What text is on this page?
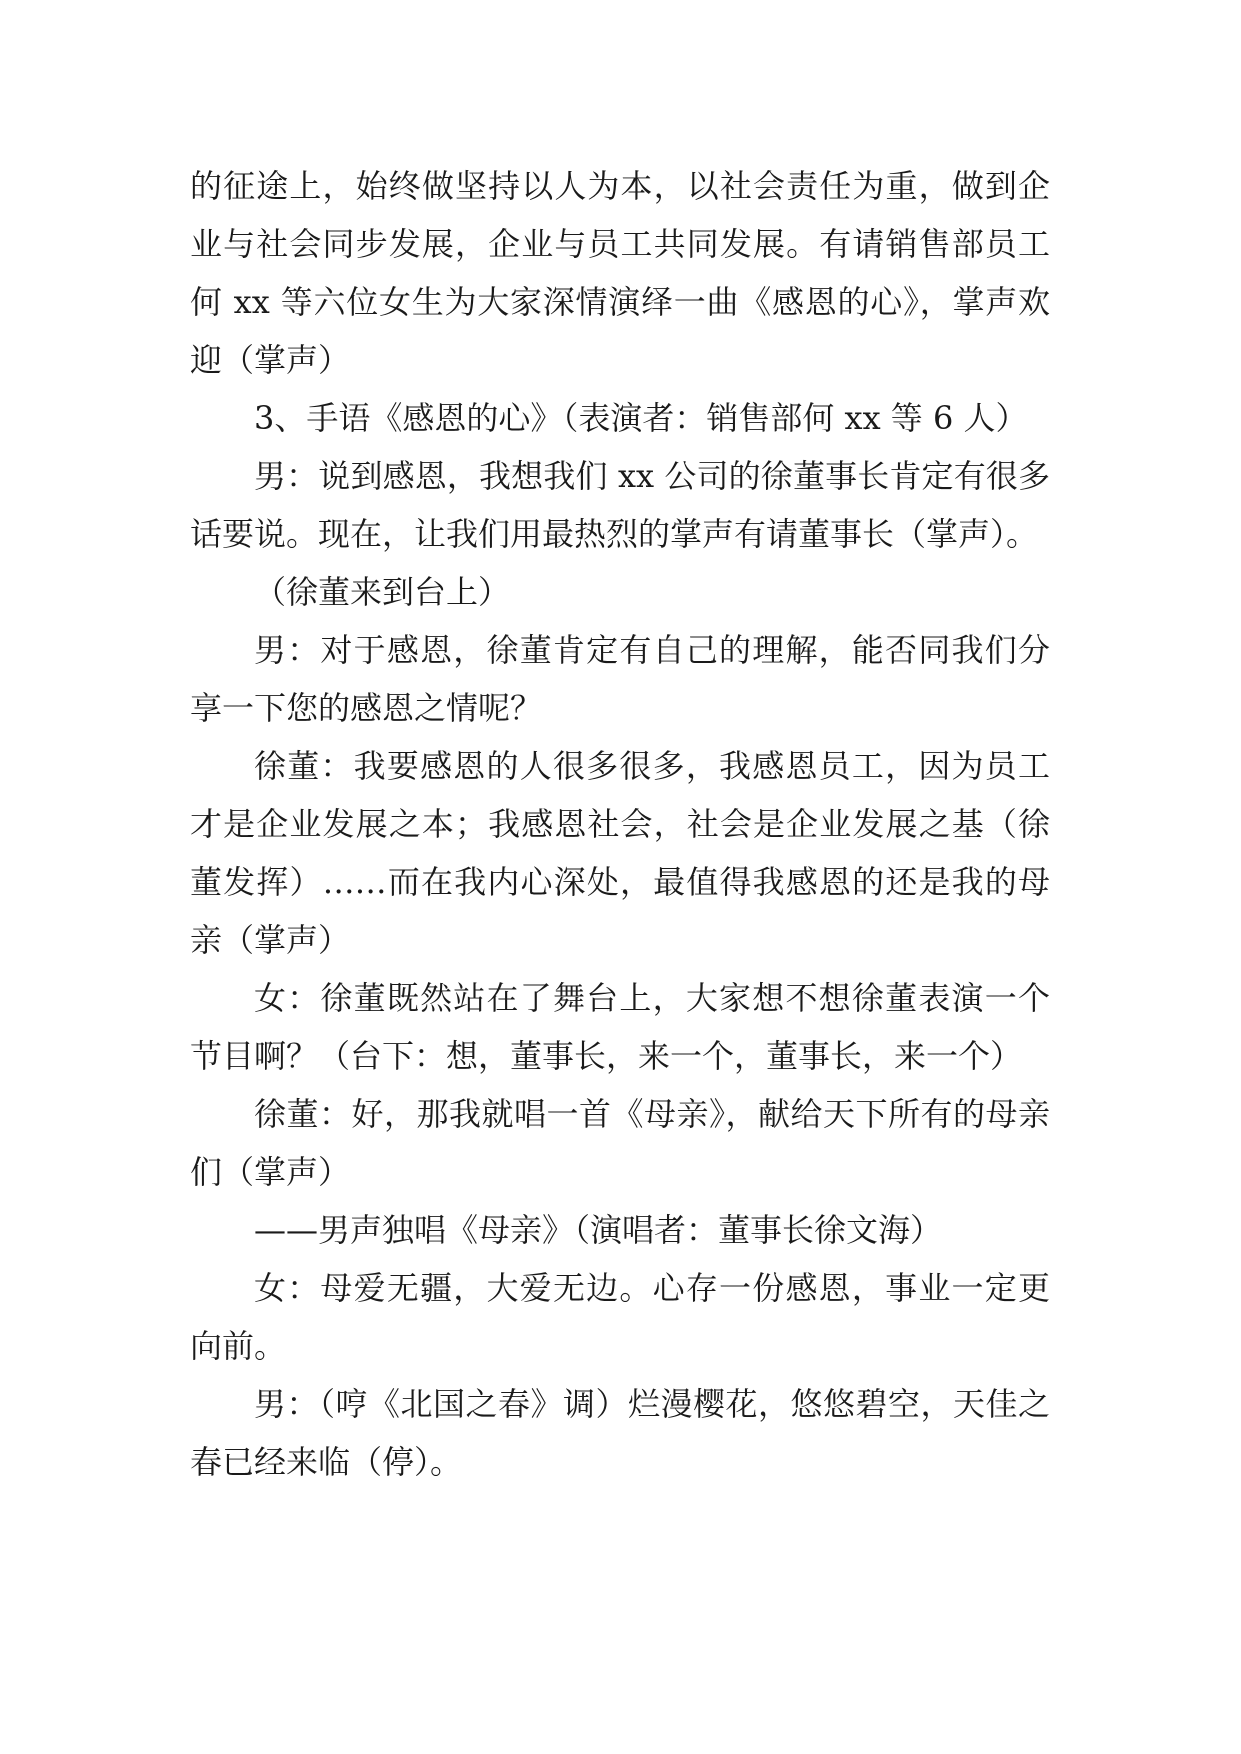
的征途上，始终做坚持以人为本，以社会责任为重，做到企业与社会同步发展，企业与员工共同发展。有请销售部员工何 xx 等六位女生为大家深情演绎一曲《感恩的心》，掌声欢迎（掌声）

3、手语《感恩的心》（表演者：销售部何 xx 等 6 人）

男：说到感恩，我想我们 xx 公司的徐董事长肯定有很多话要说。现在，让我们用最热烈的掌声有请董事长（掌声）。

（徐董来到台上）

男：对于感恩，徐董肯定有自己的理解，能否同我们分享一下您的感恩之情呢？

徐董：我要感恩的人很多很多，我感恩员工，因为员工才是企业发展之本；我感恩社会，社会是企业发展之基（徐董发挥）……而在我内心深处，最值得我感恩的还是我的母亲（掌声）

女：徐董既然站在了舞台上，大家想不想徐董表演一个节目啊？（台下：想，董事长，来一个，董事长，来一个）

徐董：好，那我就唱一首《母亲》，献给天下所有的母亲们（掌声）

——男声独唱《母亲》（演唱者：董事长徐文海）

女：母爱无疆，大爱无边。心存一份感恩，事业一定更向前。

男：（哼《北国之春》调）烂漫樱花，悠悠碧空，天佳之春已经来临（停）。
